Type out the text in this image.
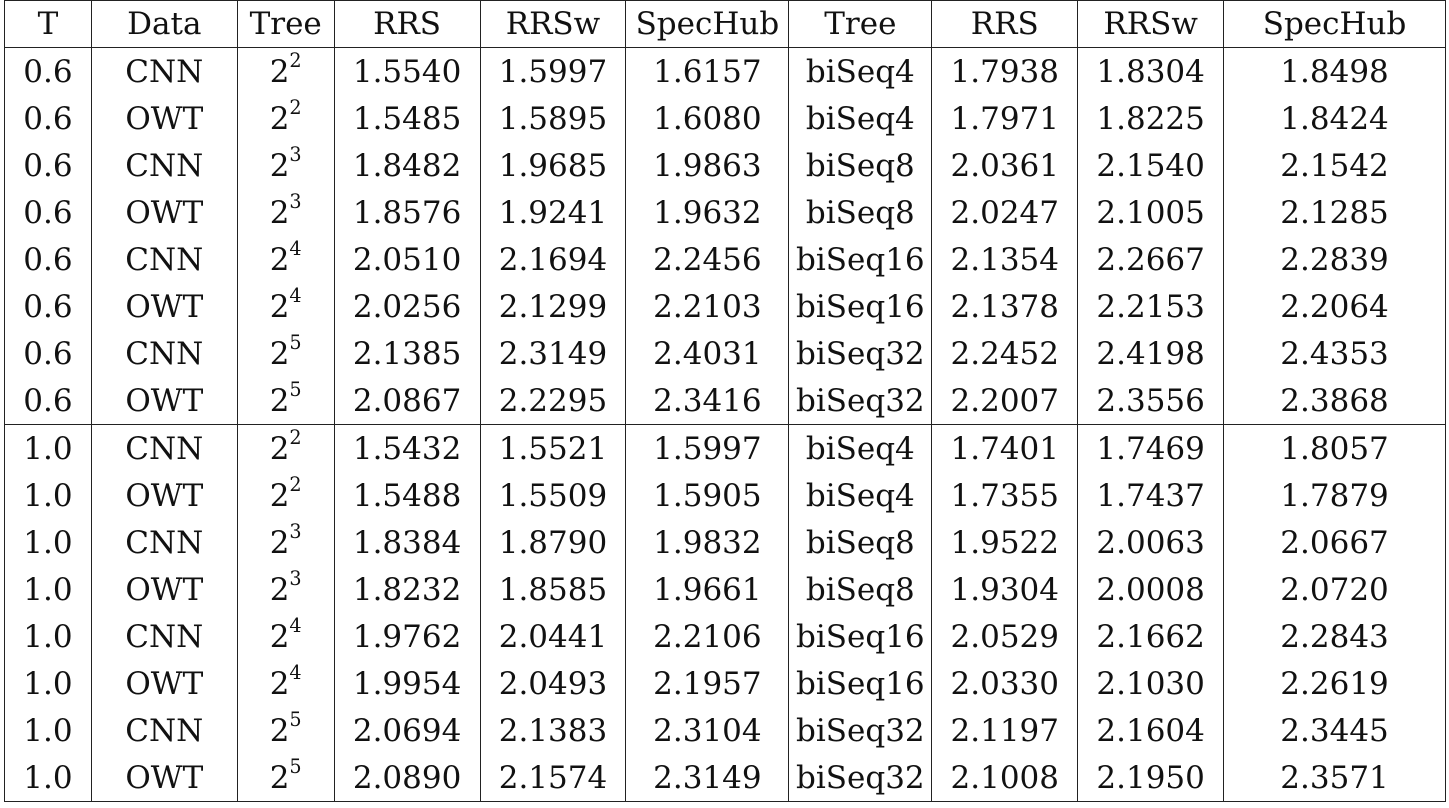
T	Data	Tree	RRS	RRSw	SpecHub	Tree	RRS	RRSw	SpecHub
0.6	CNN	$2^2$	1.5540	1.5997	1.6157	biSeq4	1.7938	1.8304	1.8498
0.6	OWT	$2^2$	1.5485	1.5895	1.6080	biSeq4	1.7971	1.8225	1.8424
0.6	CNN	$2^3$	1.8482	1.9685	1.9863	biSeq8	2.0361	2.1540	2.1542
0.6	OWT	$2^3$	1.8576	1.9241	1.9632	biSeq8	2.0247	2.1005	2.1285
0.6	CNN	$2^4$	2.0510	2.1694	2.2456	biSeq16	2.1354	2.2667	2.2839
0.6	OWT	$2^4$	2.0256	2.1299	2.2103	biSeq16	2.1378	2.2153	2.2064
0.6	CNN	$2^5$	2.1385	2.3149	2.4031	biSeq32	2.2452	2.4198	2.4353
0.6	OWT	$2^5$	2.0867	2.2295	2.3416	biSeq32	2.2007	2.3556	2.3868
1.0	CNN	$2^2$	1.5432	1.5521	1.5997	biSeq4	1.7401	1.7469	1.8057
1.0	OWT	$2^2$	1.5488	1.5509	1.5905	biSeq4	1.7355	1.7437	1.7879
1.0	CNN	$2^3$	1.8384	1.8790	1.9832	biSeq8	1.9522	2.0063	2.0667
1.0	OWT	$2^3$	1.8232	1.8585	1.9661	biSeq8	1.9304	2.0008	2.0720
1.0	CNN	$2^4$	1.9762	2.0441	2.2106	biSeq16	2.0529	2.1662	2.2843
1.0	OWT	$2^4$	1.9954	2.0493	2.1957	biSeq16	2.0330	2.1030	2.2619
1.0	CNN	$2^5$	2.0694	2.1383	2.3104	biSeq32	2.1197	2.1604	2.3445
1.0	OWT	$2^5$	2.0890	2.1574	2.3149	biSeq32	2.1008	2.1950	2.3571
